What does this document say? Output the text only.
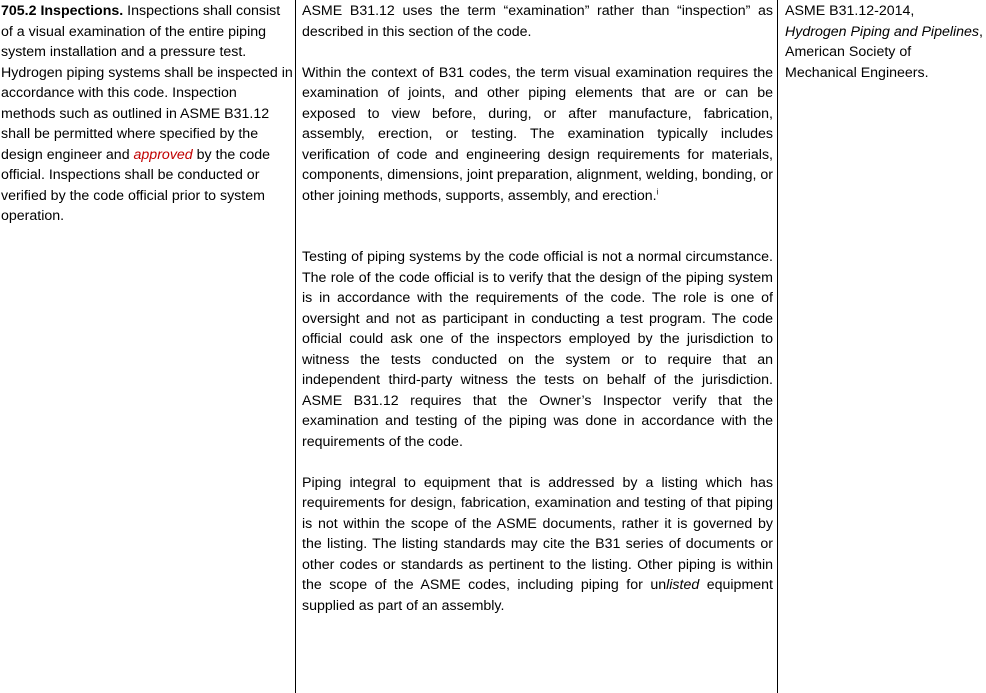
705.2 Inspections. Inspections shall consist of a visual examination of the entire piping system installation and a pressure test. Hydrogen piping systems shall be inspected in accordance with this code. Inspection methods such as outlined in ASME B31.12 shall be permitted where specified by the design engineer and approved by the code official. Inspections shall be conducted or verified by the code official prior to system operation.

ASME B31.12 uses the term “examination” rather than “inspection” as described in this section of the code.

Within the context of B31 codes, the term visual examination requires the examination of joints, and other piping elements that are or can be exposed to view before, during, or after manufacture, fabrication, assembly, erection, or testing. The examination typically includes verification of code and engineering design requirements for materials, components, dimensions, joint preparation, alignment, welding, bonding, or other joining methods, supports, assembly, and erection.$^i$

Testing of piping systems by the code official is not a normal circumstance. The role of the code official is to verify that the design of the piping system is in accordance with the requirements of the code. The role is one of oversight and not as participant in conducting a test program. The code official could ask one of the inspectors employed by the jurisdiction to witness the tests conducted on the system or to require that an independent third-party witness the tests on behalf of the jurisdiction. ASME B31.12 requires that the Owner’s Inspector verify that the examination and testing of the piping was done in accordance with the requirements of the code.

Piping integral to equipment that is addressed by a listing which has requirements for design, fabrication, examination and testing of that piping is not within the scope of the ASME documents, rather it is governed by the listing. The listing standards may cite the B31 series of documents or other codes or standards as pertinent to the listing. Other piping is within the scope of the ASME codes, including piping for unlisted equipment supplied as part of an assembly.

ASME B31.12-2014,
Hydrogen Piping and Pipelines, American Society of Mechanical Engineers.
